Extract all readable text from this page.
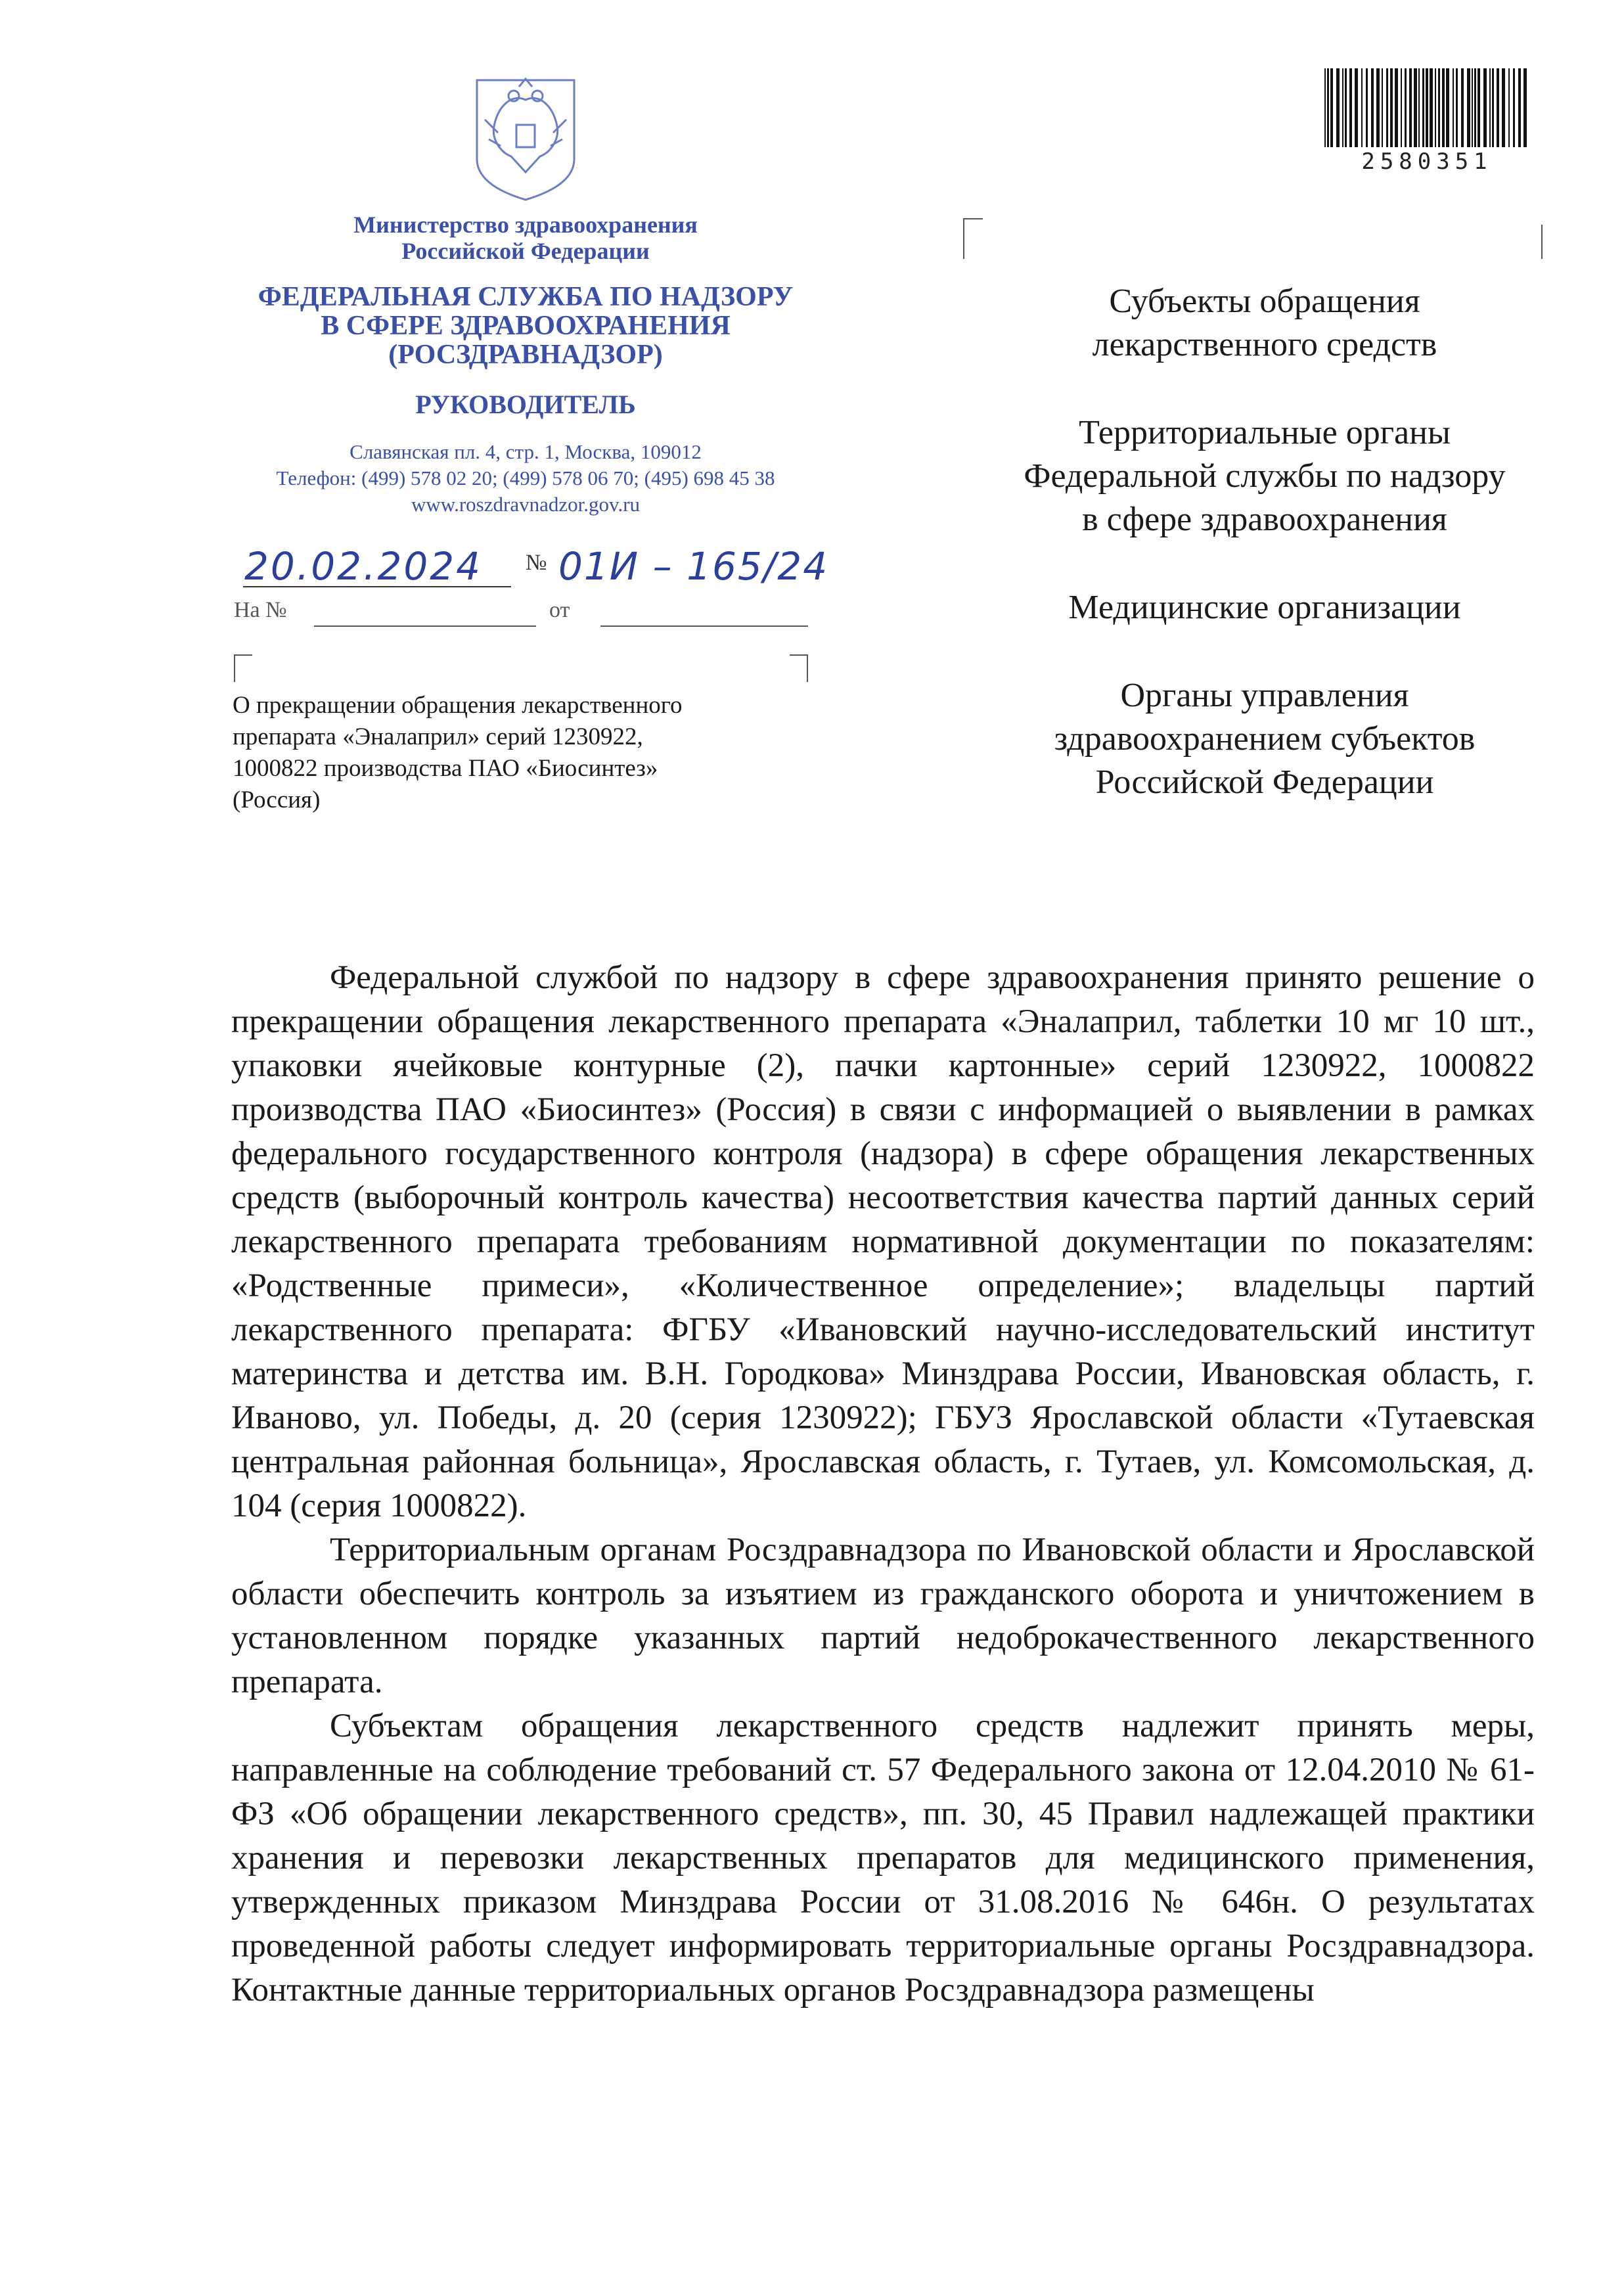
Министерство здравоохранения
Российской Федерации
ФЕДЕРАЛЬНАЯ СЛУЖБА ПО НАДЗОРУ
В СФЕРЕ ЗДРАВООХРАНЕНИЯ
(РОСЗДРАВНАДЗОР)
РУКОВОДИТЕЛЬ
Славянская пл. 4, стр. 1, Москва, 109012
Телефон: (499) 578 02 20; (499) 578 06 70; (495) 698 45 38
www.roszdravnadzor.gov.ru
20.02.2024 № 01И – 165/24
На №	от
О прекращении обращения лекарственного
препарата «Эналаприл» серий 1230922,
1000822 производства ПАО «Биосинтез»
(Россия)
2580351
Субъекты обращения
лекарственного средств
Территориальные органы
Федеральной службы по надзору
в сфере здравоохранения
Медицинские организации
Органы управления
здравоохранением субъектов
Российской Федерации

Федеральной службой по надзору в сфере здравоохранения принято решение о прекращении обращения лекарственного препарата «Эналаприл, таблетки 10 мг 10 шт., упаковки ячейковые контурные (2), пачки картонные» серий 1230922, 1000822 производства ПАО «Биосинтез» (Россия) в связи с информацией о выявлении в рамках федерального государственного контроля (надзора) в сфере обращения лекарственных средств (выборочный контроль качества) несоответствия качества партий данных серий лекарственного препарата требованиям нормативной документации по показателям: «Родственные примеси», «Количественное определение»; владельцы партий лекарственного препарата: ФГБУ «Ивановский научно-исследовательский институт материнства и детства им. В.Н. Городкова» Минздрава России, Ивановская область, г. Иваново, ул. Победы, д. 20 (серия 1230922); ГБУЗ Ярославской области «Тутаевская центральная районная больница», Ярославская область, г. Тутаев, ул. Комсомольская, д. 104 (серия 1000822).

Территориальным органам Росздравнадзора по Ивановской области и Ярославской области обеспечить контроль за изъятием из гражданского оборота и уничтожением в установленном порядке указанных партий недоброкачественного лекарственного препарата.

Субъектам обращения лекарственного средств надлежит принять меры, направленные на соблюдение требований ст. 57 Федерального закона от 12.04.2010 № 61-ФЗ «Об обращении лекарственного средств», пп. 30, 45 Правил надлежащей практики хранения и перевозки лекарственных препаратов для медицинского применения, утвержденных приказом Минздрава России от 31.08.2016 № 646н. О результатах проведенной работы следует информировать территориальные органы Росздравнадзора. Контактные данные территориальных органов Росздравнадзора размещены
